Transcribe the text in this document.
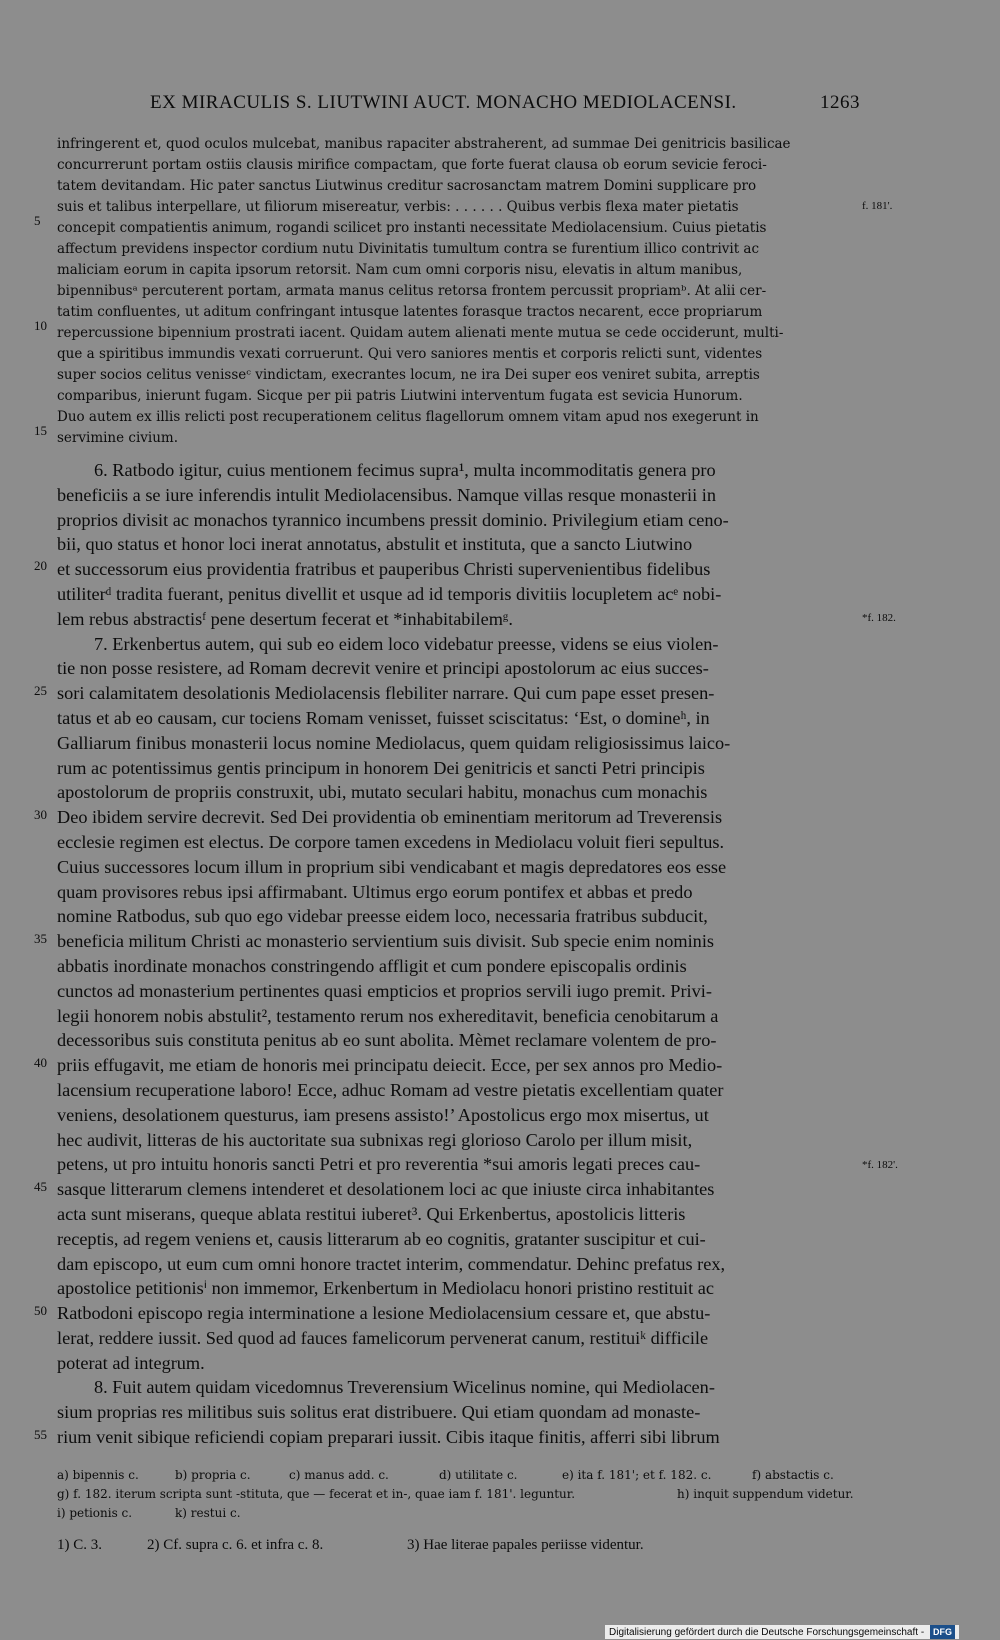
EX MIRACULIS S. LIUTWINI AUCT. MONACHO MEDIOLACENSI.	1263
infringerent et, quod oculos mulcebat, manibus rapaciter abstraherent, ad summae Dei genitricis basilicae
concurrerunt portam ostiis clausis mirifice compactam, que forte fuerat clausa ob eorum sevicie feroci-
tatem devitandam. Hic pater sanctus Liutwinus creditur sacrosanctam matrem Domini supplicare pro
suis et talibus interpellare, ut filiorum misereatur, verbis: . . . . . . Quibus verbis flexa mater pietatis
concepit compatientis animum, rogandi scilicet pro instanti necessitate Mediolacensium. Cuius pietatis
affectum previdens inspector cordium nutu Divinitatis tumultum contra se furentium illico contrivit ac
maliciam eorum in capita ipsorum retorsit. Nam cum omni corporis nisu, elevatis in altum manibus,
bipennibusᵃ percuterent portam, armata manus celitus retorsa frontem percussit propriamᵇ. At alii cer-
tatim confluentes, ut aditum confringant intusque latentes forasque tractos necarent, ecce propriarum
repercussione bipennium prostrati iacent. Quidam autem alienati mente mutua se cede occiderunt, multi-
que a spiritibus immundis vexati corruerunt. Qui vero saniores mentis et corporis relicti sunt, videntes
super socios celitus venisseᶜ vindictam, execrantes locum, ne ira Dei super eos veniret subita, arreptis
comparibus, inierunt fugam. Sicque per pii patris Liutwini interventum fugata est sevicia Hunorum.
Duo autem ex illis relicti post recuperationem celitus flagellorum omnem vitam apud nos exegerunt in
servimine civium.
6. Ratbodo igitur, cuius mentionem fecimus supra¹, multa incommoditatis genera pro
beneficiis a se iure inferendis intulit Mediolacensibus. Namque villas resque monasterii in
proprios divisit ac monachos tyrannico incumbens pressit dominio. Privilegium etiam ceno-
bii, quo status et honor loci inerat annotatus, abstulit et instituta, que a sancto Liutwino
et successorum eius providentia fratribus et pauperibus Christi supervenientibus fidelibus
utiliterᵈ tradita fuerant, penitus divellit et usque ad id temporis divitiis locupletem acᵉ nobi-
lem rebus abstractisᶠ pene desertum fecerat et *inhabitabilemᵍ.
7. Erkenbertus autem, qui sub eo eidem loco videbatur preesse, videns se eius violen-
tie non posse resistere, ad Romam decrevit venire et principi apostolorum ac eius succes-
sori calamitatem desolationis Mediolacensis flebiliter narrare. Qui cum pape esset presen-
tatus et ab eo causam, cur tociens Romam venisset, fuisset sciscitatus: ‘Est, o domineʰ, in
Galliarum finibus monasterii locus nomine Mediolacus, quem quidam religiosissimus laico-
rum ac potentissimus gentis principum in honorem Dei genitricis et sancti Petri principis
apostolorum de propriis construxit, ubi, mutato seculari habitu, monachus cum monachis
Deo ibidem servire decrevit. Sed Dei providentia ob eminentiam meritorum ad Treverensis
ecclesie regimen est electus. De corpore tamen excedens in Mediolacu voluit fieri sepultus.
Cuius successores locum illum in proprium sibi vendicabant et magis depredatores eos esse
quam provisores rebus ipsi affirmabant. Ultimus ergo eorum pontifex et abbas et predo
nomine Ratbodus, sub quo ego videbar preesse eidem loco, necessaria fratribus subducit,
beneficia militum Christi ac monasterio servientium suis divisit. Sub specie enim nominis
abbatis inordinate monachos constringendo affligit et cum pondere episcopalis ordinis
cunctos ad monasterium pertinentes quasi empticios et proprios servili iugo premit. Privi-
legii honorem nobis abstulit², testamento rerum nos exhereditavit, beneficia cenobitarum a
decessoribus suis constituta penitus ab eo sunt abolita. Mèmet reclamare volentem de pro-
priis effugavit, me etiam de honoris mei principatu deiecit. Ecce, per sex annos pro Medio-
lacensium recuperatione laboro! Ecce, adhuc Romam ad vestre pietatis excellentiam quater
veniens, desolationem questurus, iam presens assisto!’ Apostolicus ergo mox misertus, ut
hec audivit, litteras de his auctoritate sua subnixas regi glorioso Carolo per illum misit,
petens, ut pro intuitu honoris sancti Petri et pro reverentia *sui amoris legati preces cau-
sasque litterarum clemens intenderet et desolationem loci ac que iniuste circa inhabitantes
acta sunt miserans, queque ablata restitui iuberet³. Qui Erkenbertus, apostolicis litteris
receptis, ad regem veniens et, causis litterarum ab eo cognitis, gratanter suscipitur et cui-
dam episcopo, ut eum cum omni honore tractet interim, commendatur. Dehinc prefatus rex,
apostolice petitionisⁱ non immemor, Erkenbertum in Mediolacu honori pristino restituit ac
Ratbodoni episcopo regia interminatione a lesione Mediolacensium cessare et, que abstu-
lerat, reddere iussit. Sed quod ad fauces famelicorum pervenerat canum, restituiᵏ difficile
poterat ad integrum.
8. Fuit autem quidam vicedomnus Treverensium Wicelinus nomine, qui Mediolacen-
sium proprias res militibus suis solitus erat distribuere. Qui etiam quondam ad monaste-
rium venit sibique reficiendi copiam preparari iussit. Cibis itaque finitis, afferri sibi librum
5
10
15
20
25
30
35
40
45
50
55
f. 181'.
*f. 182.
*f. 182'.
a) bipennis c.	b) propria c.	c) manus add. c.	d) utilitate c.	e) ita f. 181'; et f. 182. c.	f) abstactis c.
g) f. 182. iterum scripta sunt -stituta, que — fecerat et in-, quae iam f. 181'. leguntur.	h) inquit suppendum videtur.
i) petionis c.	k) restui c.
1) C. 3.	2) Cf. supra c. 6. et infra c. 8.	3) Hae literae papales periisse videntur.
Digitalisierung gefördert durch die Deutsche Forschungsgemeinschaft - DFG
